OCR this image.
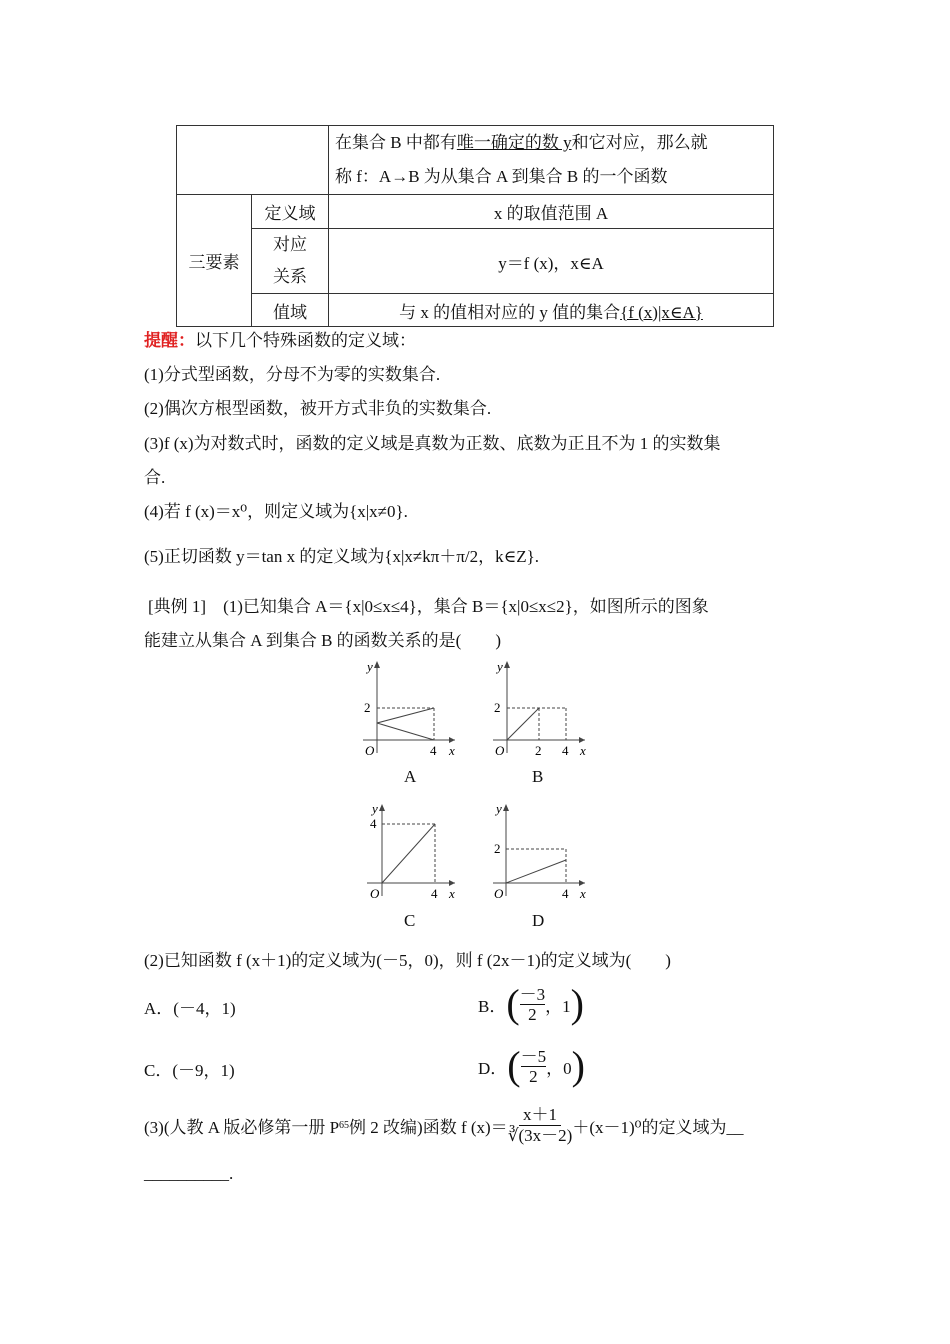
		在集合 B 中都有唯一确定的数 y和它对应，那么就
称 f：A→B 为从集合 A 到集合 B 的一个函数
三要素	定义域	x 的取值范围 A
	对应关系	y＝f (x)，x∈A
	值域	与 x 的值相对应的 y 值的集合{f (x)|x∈A}
提醒：以下几个特殊函数的定义域：
(1)分式型函数，分母不为零的实数集合.
(2)偶次方根型函数，被开方式非负的实数集合.
(3)f (x)为对数式时，函数的定义域是真数为正数、底数为正且不为 1 的实数集
合.
(4)若 f (x)＝x⁰，则定义域为{x|x≠0}.
(5)正切函数 y＝tan x 的定义域为{x|x≠kπ＋π/2，k∈Z}.
[典例 1]　(1)已知集合 A＝{x|0≤x≤4}，集合 B＝{x|0≤x≤2}，如图所示的图象
能建立从集合 A 到集合 B 的函数关系的是(　　)
y
2
O	4 x
A
y
2
O 2 4 x
B
y
4
O	4 x
C
y
2
O	4 x
D
(2)已知函数 f (x＋1)的定义域为(－5，0)，则 f (2x－1)的定义域为(　　)
A．(－4，1)	B． ( $\frac{-3}{2}$ ，1 )
C．(－9，1)	D． ( $\frac{-5}{2}$ ，0 )
(3)(人教 A 版必修第一册 P 65 例 2 改编)函数 f $(x)= \frac{x+1}{∛(3x-2)} +(x-1)^0$的定义域为__
__________.
